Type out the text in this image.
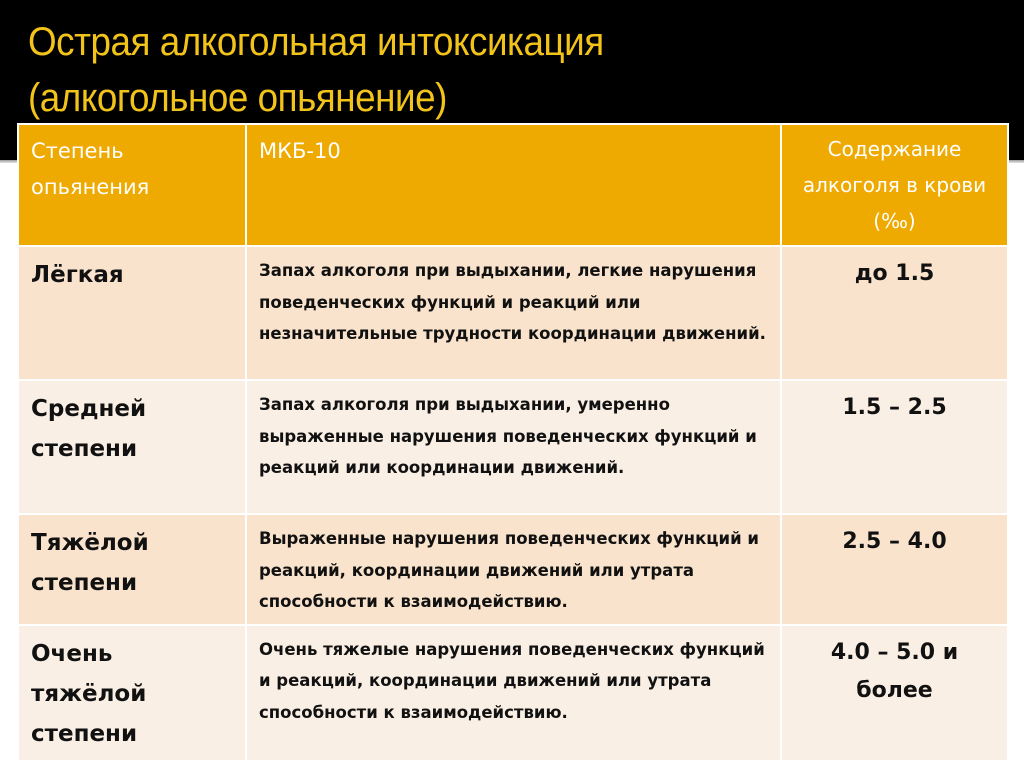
Острая алкогольная интоксикация
(алкогольное опьянение)
Степень опьянения	МКБ-10	Содержание алкоголя в крови (‰)
Лёгкая	Запах алкоголя при выдыхании, легкие нарушения поведенческих функций и реакций или незначительные трудности координации движений.	до 1.5
Средней степени	Запах алкоголя при выдыхании, умеренно выраженные нарушения поведенческих функций и реакций или координации движений.	1.5 – 2.5
Тяжёлой степени	Выраженные нарушения поведенческих функций и реакций, координации движений или утрата способности к взаимодействию.	2.5 – 4.0
Очень тяжёлой степени	Очень тяжелые нарушения поведенческих функций и реакций, координации движений или утрата способности к взаимодействию.	4.0 – 5.0 и более
